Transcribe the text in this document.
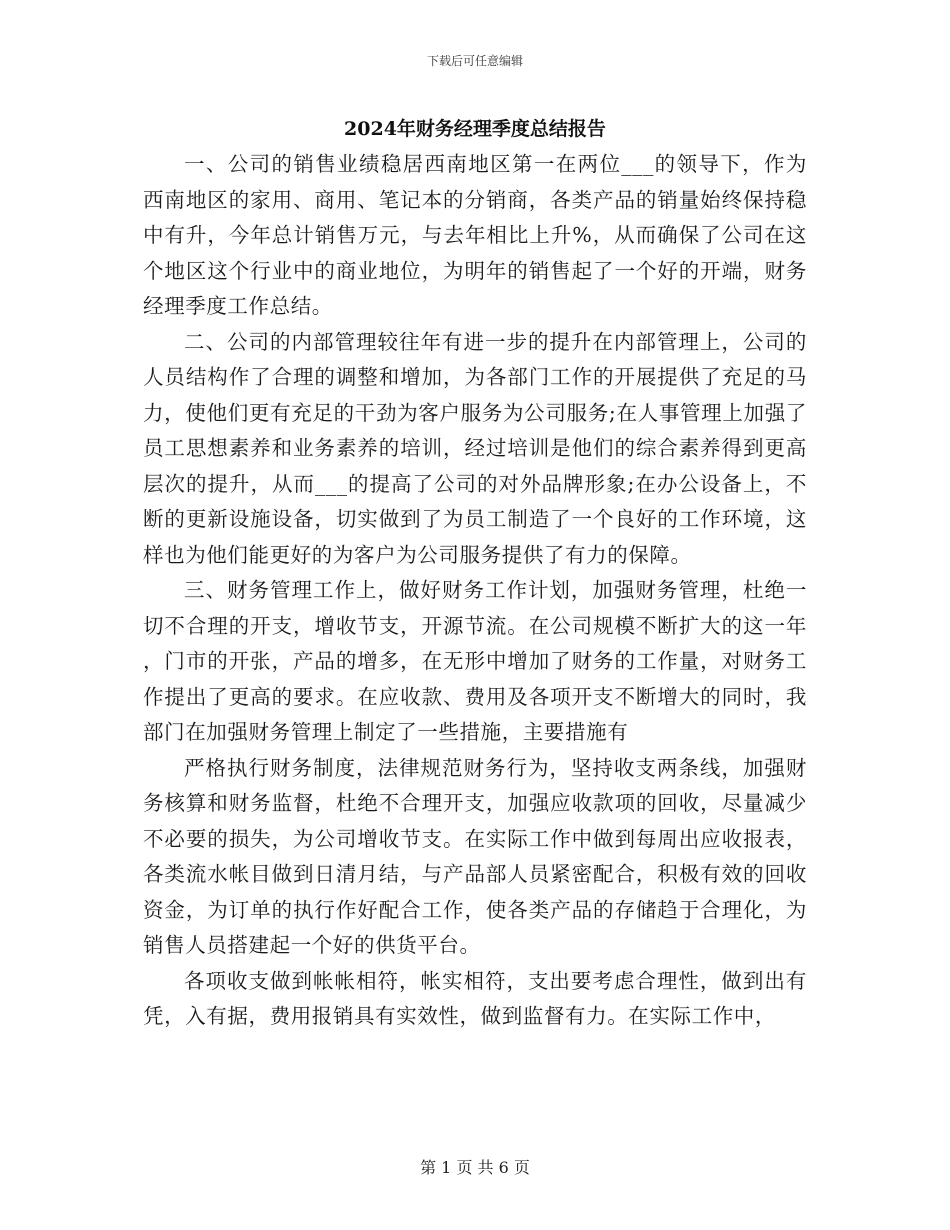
下载后可任意编辑
2024年财务经理季度总结报告

一、公司的销售业绩稳居西南地区第一在两位___的领导下，作为西南地区的家用、商用、笔记本的分销商，各类产品的销量始终保持稳中有升，今年总计销售万元，与去年相比上升%，从而确保了公司在这个地区这个行业中的商业地位，为明年的销售起了一个好的开端，财务经理季度工作总结。

二、公司的内部管理较往年有进一步的提升在内部管理上，公司的人员结构作了合理的调整和增加，为各部门工作的开展提供了充足的马力，使他们更有充足的干劲为客户服务为公司服务;在人事管理上加强了员工思想素养和业务素养的培训，经过培训是他们的综合素养得到更高层次的提升，从而___的提高了公司的对外品牌形象;在办公设备上，不断的更新设施设备，切实做到了为员工制造了一个良好的工作环境，这样也为他们能更好的为客户为公司服务提供了有力的保障。

三、财务管理工作上，做好财务工作计划，加强财务管理，杜绝一切不合理的开支，增收节支，开源节流。在公司规模不断扩大的这一年，门市的开张，产品的增多，在无形中增加了财务的工作量，对财务工作提出了更高的要求。在应收款、费用及各项开支不断增大的同时，我部门在加强财务管理上制定了一些措施，主要措施有

严格执行财务制度，法律规范财务行为，坚持收支两条线，加强财务核算和财务监督，杜绝不合理开支，加强应收款项的回收，尽量减少不必要的损失，为公司增收节支。在实际工作中做到每周出应收报表，各类流水帐目做到日清月结，与产品部人员紧密配合，积极有效的回收资金，为订单的执行作好配合工作，使各类产品的存储趋于合理化，为销售人员搭建起一个好的供货平台。

各项收支做到帐帐相符，帐实相符，支出要考虑合理性，做到出有凭，入有据，费用报销具有实效性，做到监督有力。在实际工作中，

第 1 页 共 6 页
